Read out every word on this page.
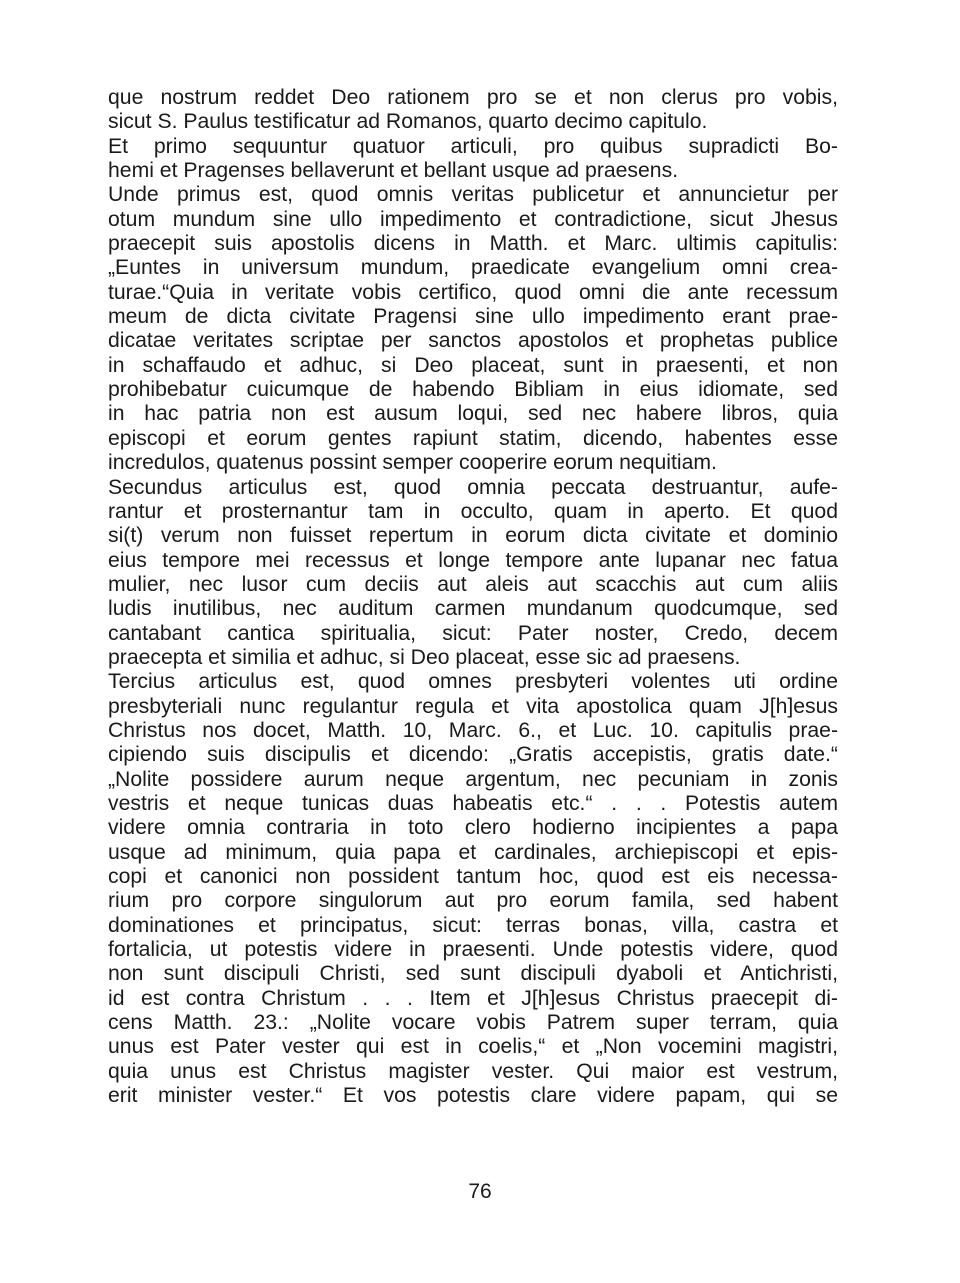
que nostrum reddet Deo rationem pro se et non clerus pro vobis,
sicut S. Paulus testificatur ad Romanos, quarto decimo capitulo.
Et primo sequuntur quatuor articuli, pro quibus supradicti Bo-
hemi et Pragenses bellaverunt et bellant usque ad praesens.
Unde primus est, quod omnis veritas publicetur et annuncietur per
otum mundum sine ullo impedimento et contradictione, sicut Jhesus
praecepit suis apostolis dicens in Matth. et Marc. ultimis capitulis:
„Euntes in universum mundum, praedicate evangelium omni crea-
turae.“Quia in veritate vobis certifico, quod omni die ante recessum
meum de dicta civitate Pragensi sine ullo impedimento erant prae-
dicatae veritates scriptae per sanctos apostolos et prophetas publice
in schaffaudo et adhuc, si Deo placeat, sunt in praesenti, et non
prohibebatur cuicumque de habendo Bibliam in eius idiomate, sed
in hac patria non est ausum loqui, sed nec habere libros, quia
episcopi et eorum gentes rapiunt statim, dicendo, habentes esse
incredulos, quatenus possint semper cooperire eorum nequitiam.
Secundus articulus est, quod omnia peccata destruantur, aufe-
rantur et prosternantur tam in occulto, quam in aperto. Et quod
si(t) verum non fuisset repertum in eorum dicta civitate et dominio
eius tempore mei recessus et longe tempore ante lupanar nec fatua
mulier, nec lusor cum deciis aut aleis aut scacchis aut cum aliis
ludis inutilibus, nec auditum carmen mundanum quodcumque, sed
cantabant cantica spiritualia, sicut: Pater noster, Credo, decem
praecepta et similia et adhuc, si Deo placeat, esse sic ad praesens.
Tercius articulus est, quod omnes presbyteri volentes uti ordine
presbyteriali nunc regulantur regula et vita apostolica quam J[h]esus
Christus nos docet, Matth. 10, Marc. 6., et Luc. 10. capitulis prae-
cipiendo suis discipulis et dicendo: „Gratis accepistis, gratis date.“
„Nolite possidere aurum neque argentum, nec pecuniam in zonis
vestris et neque tunicas duas habeatis etc.“ . . . Potestis autem
videre omnia contraria in toto clero hodierno incipientes a papa
usque ad minimum, quia papa et cardinales, archiepiscopi et epis-
copi et canonici non possident tantum hoc, quod est eis necessa-
rium pro corpore singulorum aut pro eorum famila, sed habent
dominationes et principatus, sicut: terras bonas, villa, castra et
fortalicia, ut potestis videre in praesenti. Unde potestis videre, quod
non sunt discipuli Christi, sed sunt discipuli dyaboli et Antichristi,
id est contra Christum . . . Item et J[h]esus Christus praecepit di-
cens Matth. 23.: „Nolite vocare vobis Patrem super terram, quia
unus est Pater vester qui est in coelis,“ et „Non vocemini magistri,
quia unus est Christus magister vester. Qui maior est vestrum,
erit minister vester.“ Et vos potestis clare videre papam, qui se
76
